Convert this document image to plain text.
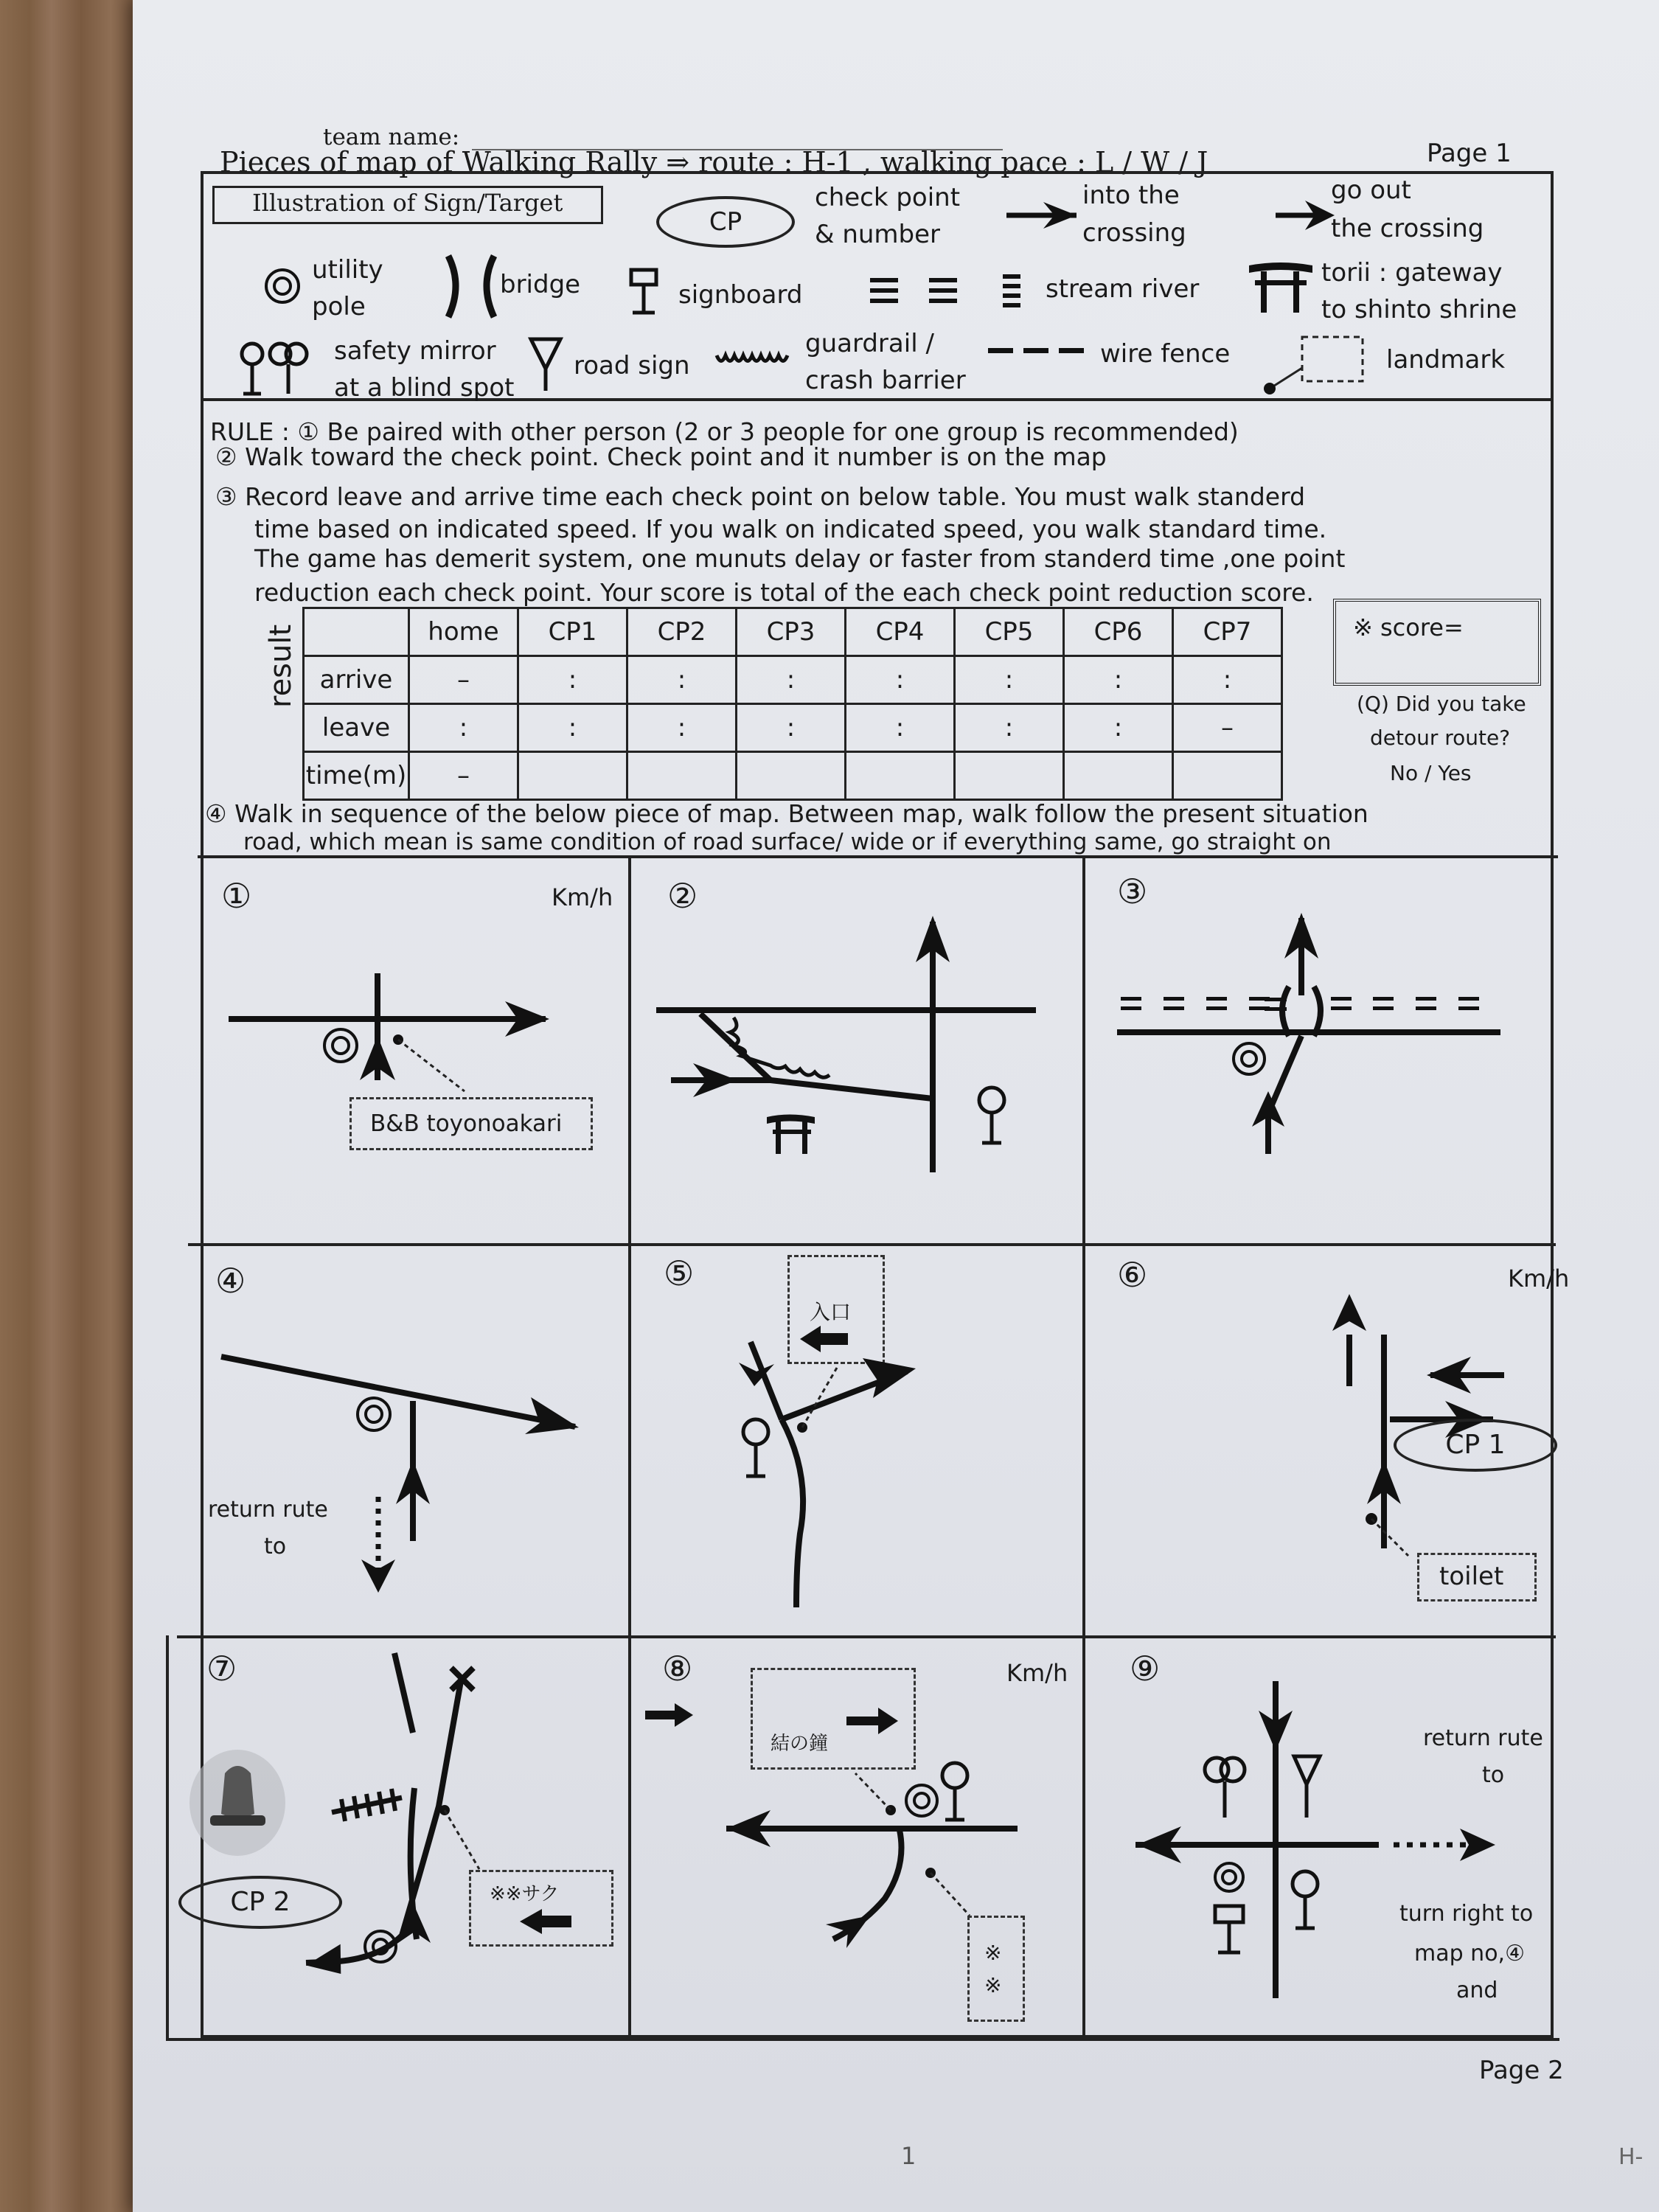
team name:
Pieces of map of Walking Rally ⇒ route : H-1 , walking pace : L / W / J	Page 1
Illustration of Sign/Target
CP
check point
& number
into the
crossing
go out
the crossing
utility
pole
bridge	signboard	stream river
torii : gateway
to shinto shrine
safety mirror
at a blind spot
road sign
guardrail /
crash barrier
wire fence	landmark
RULE : ① Be paired with other person (2 or 3 people for one group is recommended)
② Walk toward the check point. Check point and it number is on the map
③ Record leave and arrive time each check point on below table. You must walk standerd
time based on indicated speed. If you walk on indicated speed, you walk standard time.
The game has demerit system, one munuts delay or faster from standerd time ,one point
reduction each check point. Your score is total of the each check point reduction score.
result
		home	CP1	CP2	CP3	CP4	CP5	CP6	CP7
arrive	–	:	:	:	:	:	:	:
leave	:	:	:	:	:	:	:	–
time(m)	–							
※ score=
(Q) Did you take
detour route?
No / Yes
④ Walk in sequence of the below piece of map. Between map, walk follow the present situation
road, which mean is same condition of road surface/ wide or if everything same, go straight on
①	Km/h
B&B toyonoakari
②	③
④
return rute
to
⑤
入口
⑥	Km/h
CP 1
toilet
⑦
CP 2	※※サク
⑧	Km/h
結の鐘
※
※
⑨
return rute
to
turn right to
map no,④
and
Page 2
1	H-
